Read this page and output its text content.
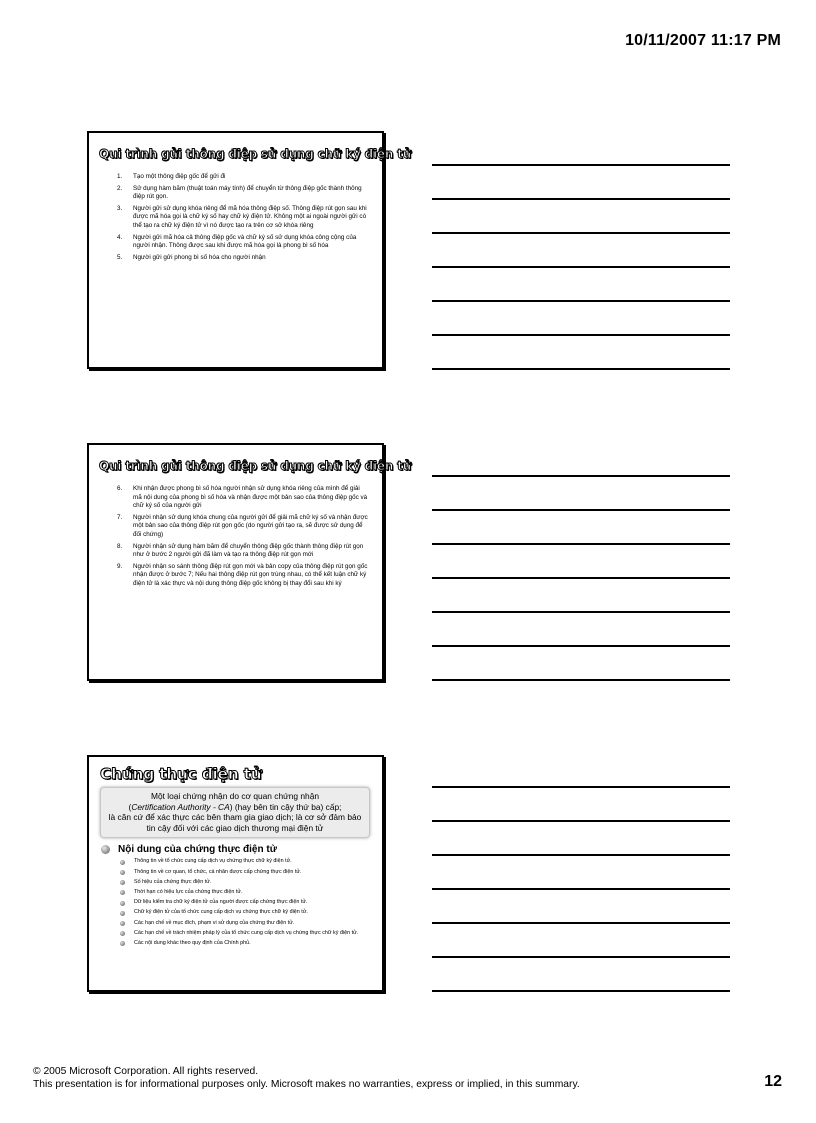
10/11/2007 11:17 PM
Qui trình gửi thông điệp sử dụng chữ ký điện tử
1. Tạo một thông điệp gốc để gửi đi
2. Sử dụng hàm băm (thuật toán máy tính) để chuyển từ thông điệp gốc thành thông điệp rút gọn.
3. Người gửi sử dụng khóa riêng để mã hóa thông điệp số. Thông điệp rút gọn sau khi được mã hóa gọi là chữ ký số hay chữ ký điện tử. Không một ai ngoài người gửi có thể tạo ra chữ ký điện tử vì nó được tạo ra trên cơ sở khóa riêng
4. Người gửi mã hóa cả thông điệp gốc và chữ ký số sử dụng khóa công cộng của người nhận. Thông được sau khi được mã hóa gọi là phong bì số hóa
5. Người gửi gửi phong bì số hóa cho người nhận
Qui trình gửi thông điệp sử dụng chữ ký điện tử
6. Khi nhận được phong bì số hóa người nhận sử dụng khóa riêng của mình để giải mã nội dung của phong bì số hóa và nhận được một bản sao của thông điệp gốc và chữ ký số của người gửi
7. Người nhận sử dụng khóa chung của người gửi để giải mã chữ ký số và nhận được một bản sao của thông điệp rút gọn gốc (do người gửi tạo ra, sẽ được sử dụng để đối chứng)
8. Người nhận sử dụng hàm băm để chuyển thông điệp gốc thành thông điệp rút gọn như ở bước 2 người gửi đã làm và tạo ra thông điệp rút gọn mới
9. Người nhận so sánh thông điệp rút gọn mới và bản copy của thông điệp rút gọn gốc nhận được ở bước 7; Nếu hai thông điệp rút gọn trùng nhau, có thể kết luận chữ ký điện tử là xác thực và nội dung thông điệp gốc không bị thay đổi sau khi ký
Chứng thực điện tử

Một loại chứng nhận do cơ quan chứng nhận
(Certification Authority - CA) (hay bên tin cậy thứ ba) cấp;

là căn cứ để xác thực các bên tham gia giao dịch; là cơ sở đảm bảo tin cậy đối với các giao dịch thương mại điện tử

Nội dung của chứng thực điện tử
Thông tin về tổ chức cung cấp dịch vụ chứng thực chữ ký điện tử.
Thông tin về cơ quan, tổ chức, cá nhân được cấp chứng thực điện tử.
Số hiệu của chứng thực điện tử.
Thời hạn có hiệu lực của chứng thực điện tử.
Dữ liệu kiểm tra chữ ký điện tử của người được cấp chứng thực điện tử.
Chữ ký điện tử của tổ chức cung cấp dịch vụ chứng thực chữ ký điện tử.
Các hạn chế về mục đích, phạm vi sử dụng của chứng thư điện tử.
Các hạn chế về trách nhiệm pháp lý của tổ chức cung cấp dịch vụ chứng thực chữ ký điện tử.
Các nội dung khác theo quy định của Chính phủ.
© 2005 Microsoft Corporation. All rights reserved.
This presentation is for informational purposes only. Microsoft makes no warranties, express or implied, in this summary.	12
